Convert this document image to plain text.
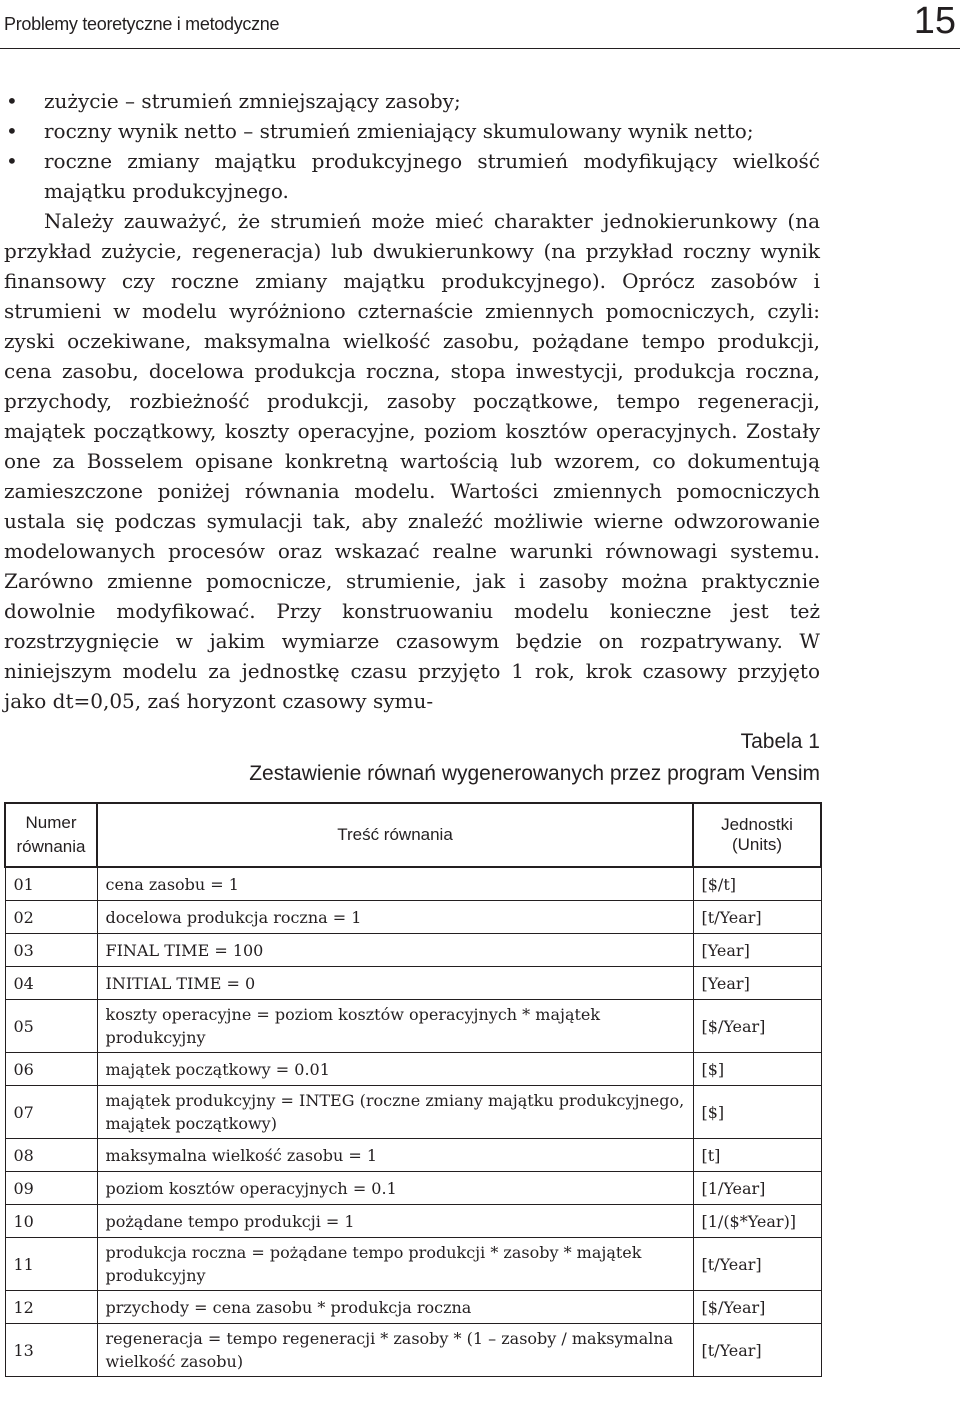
Problemy teoretyczne i metodyczne	15
• zużycie – strumień zmniejszający zasoby;
• roczny wynik netto – strumień zmieniający skumulowany wynik netto;
• roczne zmiany majątku produkcyjnego strumień modyfikujący wielkość majątku produkcyjnego.

Należy zauważyć, że strumień może mieć charakter jednokierunkowy (na przykład zużycie, regeneracja) lub dwukierunkowy (na przykład roczny wynik finansowy czy roczne zmiany majątku produkcyjnego). Oprócz zasobów i strumieni w modelu wyróżniono czternaście zmiennych pomocniczych, czyli: zyski oczekiwane, maksymalna wielkość zasobu, pożądane tempo produkcji, cena zasobu, docelowa produkcja roczna, stopa inwestycji, produkcja roczna, przychody, rozbieżność produkcji, zasoby początkowe, tempo regeneracji, majątek początkowy, koszty operacyjne, poziom kosztów operacyjnych. Zostały one za Bosselem opisane konkretną wartością lub wzorem, co dokumentują zamieszczone poniżej równania modelu. Wartości zmiennych pomocniczych ustala się podczas symulacji tak, aby znaleźć możliwie wierne odwzorowanie modelowanych procesów oraz wskazać realne warunki równowagi systemu. Zarówno zmienne pomocnicze, strumienie, jak i zasoby można praktycznie dowolnie modyfikować. Przy konstruowaniu modelu konieczne jest też rozstrzygnięcie w jakim wymiarze czasowym będzie on rozpatrywany. W niniejszym modelu za jednostkę czasu przyjęto 1 rok, krok czasowy przyjęto jako dt=0,05, zaś horyzont czasowy symu-

Tabela 1
Zestawienie równań wygenerowanych przez program Vensim
Numer równania	Treść równania	Jednostki (Units)
01	cena zasobu = 1	[$/t]
02	docelowa produkcja roczna = 1	[t/Year]
03	FINAL TIME = 100	[Year]
04	INITIAL TIME = 0	[Year]
05	koszty operacyjne = poziom kosztów operacyjnych * majątek produkcyjny	[$/Year]
06	majątek początkowy = 0.01	[$]
07	majątek produkcyjny = INTEG (roczne zmiany majątku produkcyjnego, majątek początkowy)	[$]
08	maksymalna wielkość zasobu = 1	[t]
09	poziom kosztów operacyjnych = 0.1	[1/Year]
10	pożądane tempo produkcji = 1	[1/($*Year)]
11	produkcja roczna = pożądane tempo produkcji * zasoby * majątek produkcyjny	[t/Year]
12	przychody = cena zasobu * produkcja roczna	[$/Year]
13	regeneracja = tempo regeneracji * zasoby * (1 – zasoby / maksymalna wielkość zasobu)	[t/Year]
